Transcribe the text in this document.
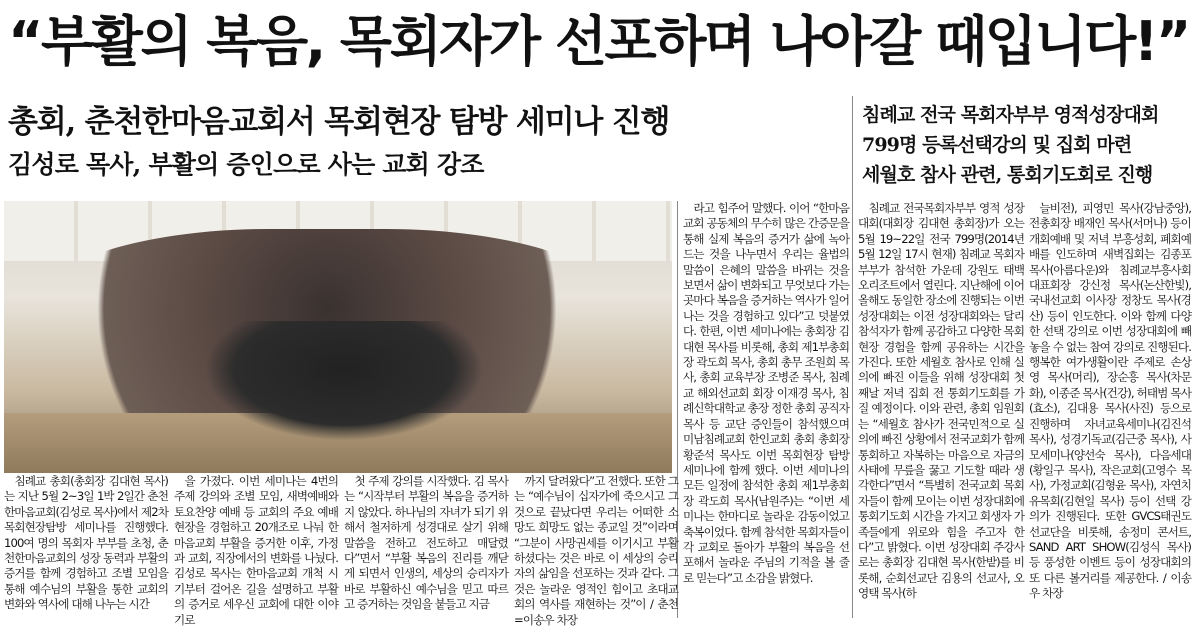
“부활의 복음, 목회자가 선포하며 나아갈 때입니다!”
총회, 춘천한마음교회서 목회현장 탐방 세미나 진행
김성로 목사, 부활의 증인으로 사는 교회 강조
침례교 전국 목회자부부 영적성장대회
799명 등록선택강의 및 집회 마련
세월호 참사 관련, 통회기도회로 진행

침례교 총회(총회장 김대현 목사)는 지난 5월 2~3일 1박 2일간 춘천한마음교회(김성로 목사)에서 제2차 목회현장탐방 세미나를 진행했다. 100여 명의 목회자 부부를 초청, 춘천한마음교회의 성장 동력과 부활의 증거를 함께 경험하고 조별 모임을 통해 예수님의 부활을 통한 교회의 변화와 역사에 대해 나누는 시간

을 가졌다. 이번 세미나는 4번의 주제 강의와 조별 모임, 새벽예배와 토요찬양 예배 등 교회의 주요 예배 현장을 경험하고 20개조로 나눠 한마음교회 부활을 증거한 이후, 가정과 교회, 직장에서의 변화를 나눴다. 김성로 목사는 한마음교회 개척 시기부터 걸어온 길을 설명하고 부활의 증거로 세우신 교회에 대한 이야기로

첫 주제 강의를 시작했다. 김 목사는 “시작부터 부활의 복음을 증거하지 않았다. 하나님의 자녀가 되기 위해서 철저하게 성경대로 살기 위해 말씀을 전하고 전도하고 매달렸다”면서 “부활 복음의 진리를 깨닫게 되면서 인생의, 세상의 승리자가 바로 부활하신 예수님을 믿고 따르고 증거하는 것임을 붙들고 지금

까지 달려왔다”고 전했다. 또한 그는 “예수님이 십자가에 죽으시고 그것으로 끝났다면 우리는 어떠한 소망도 희망도 없는 종교일 것”이라며 “그분이 사망권세를 이기시고 부활하셨다는 것은 바로 이 세상의 승리자의 삶임을 선포하는 것과 같다. 그것은 놀라운 영적인 힘이고 초대교회의 역사를 재현하는 것”이 / 춘천=이송우 차장

라고 힘주어 말했다. 이어 “한마음교회 공동체의 무수히 많은 간증문을 통해 실제 복음의 증거가 삶에 녹아드는 것을 나누면서 우리는 율법의 말씀이 은혜의 말씀을 바뀌는 것을 보면서 삶이 변화되고 무엇보다 가는 곳마다 복음을 증거하는 역사가 일어나는 것을 경험하고 있다”고 덧붙였다. 한편, 이번 세미나에는 총회장 김대현 목사를 비롯해, 총회 제1부총회장 곽도희 목사, 총회 총무 조원희 목사, 총회 교육부장 조병준 목사, 침례교 해외선교회 회장 이재경 목사, 침례신학대학교 총장 정한 총회 공직자 목사 등 교단 증인들이 참석했으며 미남침례교회 한인교회 총회 총회장 황준석 목사도 이번 목회현장 탐방 세미나에 함께 했다. 이번 세미나의 모든 일정에 참석한 총회 제1부총회장 곽도희 목사(남원주)는 “이번 세미나는 한마디로 놀라운 감동이었고 축복이었다. 함께 참석한 목회자들이 각 교회로 돌아가 부활의 복음을 선포해서 놀라운 주님의 기적을 볼 줄로 믿는다”고 소감을 밝혔다.

침례교 전국목회자부부 영적 성장대회(대회장 김대현 총회장)가 오는 5월 19~22일 전국 799명(2014년 5월 12일 17시 현재) 침례교 목회자부부가 참석한 가운데 강원도 태백 오리조트에서 열린다. 지난해에 이어 올해도 동일한 장소에 진행되는 이번 성장대회는 이전 성장대회와는 달리 참석자가 함께 공감하고 다양한 목회 현장 경험을 함께 공유하는 시간을 가진다. 또한 세월호 참사로 인해 실의에 빠진 이들을 위해 성장대회 첫째날 저녁 집회 전 통회기도회를 가질 예정이다. 이와 관련, 총회 임원회는 “세월호 참사가 전국민적으로 실의에 빠진 상황에서 전국교회가 함께 통회하고 자복하는 마음으로 자금의 사태에 무릎을 꿇고 기도할 때라 생각한다”면서 “특별히 전국교회 목회자들이 함께 모이는 이번 성장대회에 통회기도회 시간을 가지고 회생자 가족들에게 위로와 힘을 주고자 한다”고 밝혔다. 이번 성장대회 주강사로는 총회장 김대현 목사(한밭)를 비롯해, 순회선교단 김용의 선교사, 오영택 목사(하

늘비전), 피영민 목사(강남중앙), 전총회장 배재인 목사(서머나) 등이 개회예배 및 저녁 부흥성회, 폐회예배를 인도하며 새벽집회는 김종포 목사(아름다운)와 침례교부흥사회 대표회장 강신정 목사(논산한빛), 국내선교회 이사장 정창도 목사(경산) 등이 인도한다. 이와 함께 다양한 선택 강의로 이번 성장대회에 빼놓을 수 없는 참여 강의로 진행된다. 행복한 여가생활이란 주제로 손상영 목사(머리), 장순흥 목사(차문화), 이종준 목사(건강), 허태범 목사(효소), 김대용 목사(사진) 등으로 진행하며 자녀교육세미나(김진석 목사), 성경기독교(김근중 목사), 사모세미나(양선숙 목사), 다음세대(황일구 목사), 작은교회(고영수 목사), 가정교회(김형윤 목사), 자연치유목회(김현일 목사) 등이 선택 강의가 진행된다. 또한 GVCS태권도 선교단을 비롯해, 송정미 콘서트, SAND ART SHOW(김성식 목사) 등 풍성한 이벤트 등이 성장대회의 또 다른 볼거리를 제공한다. / 이송우 차장
